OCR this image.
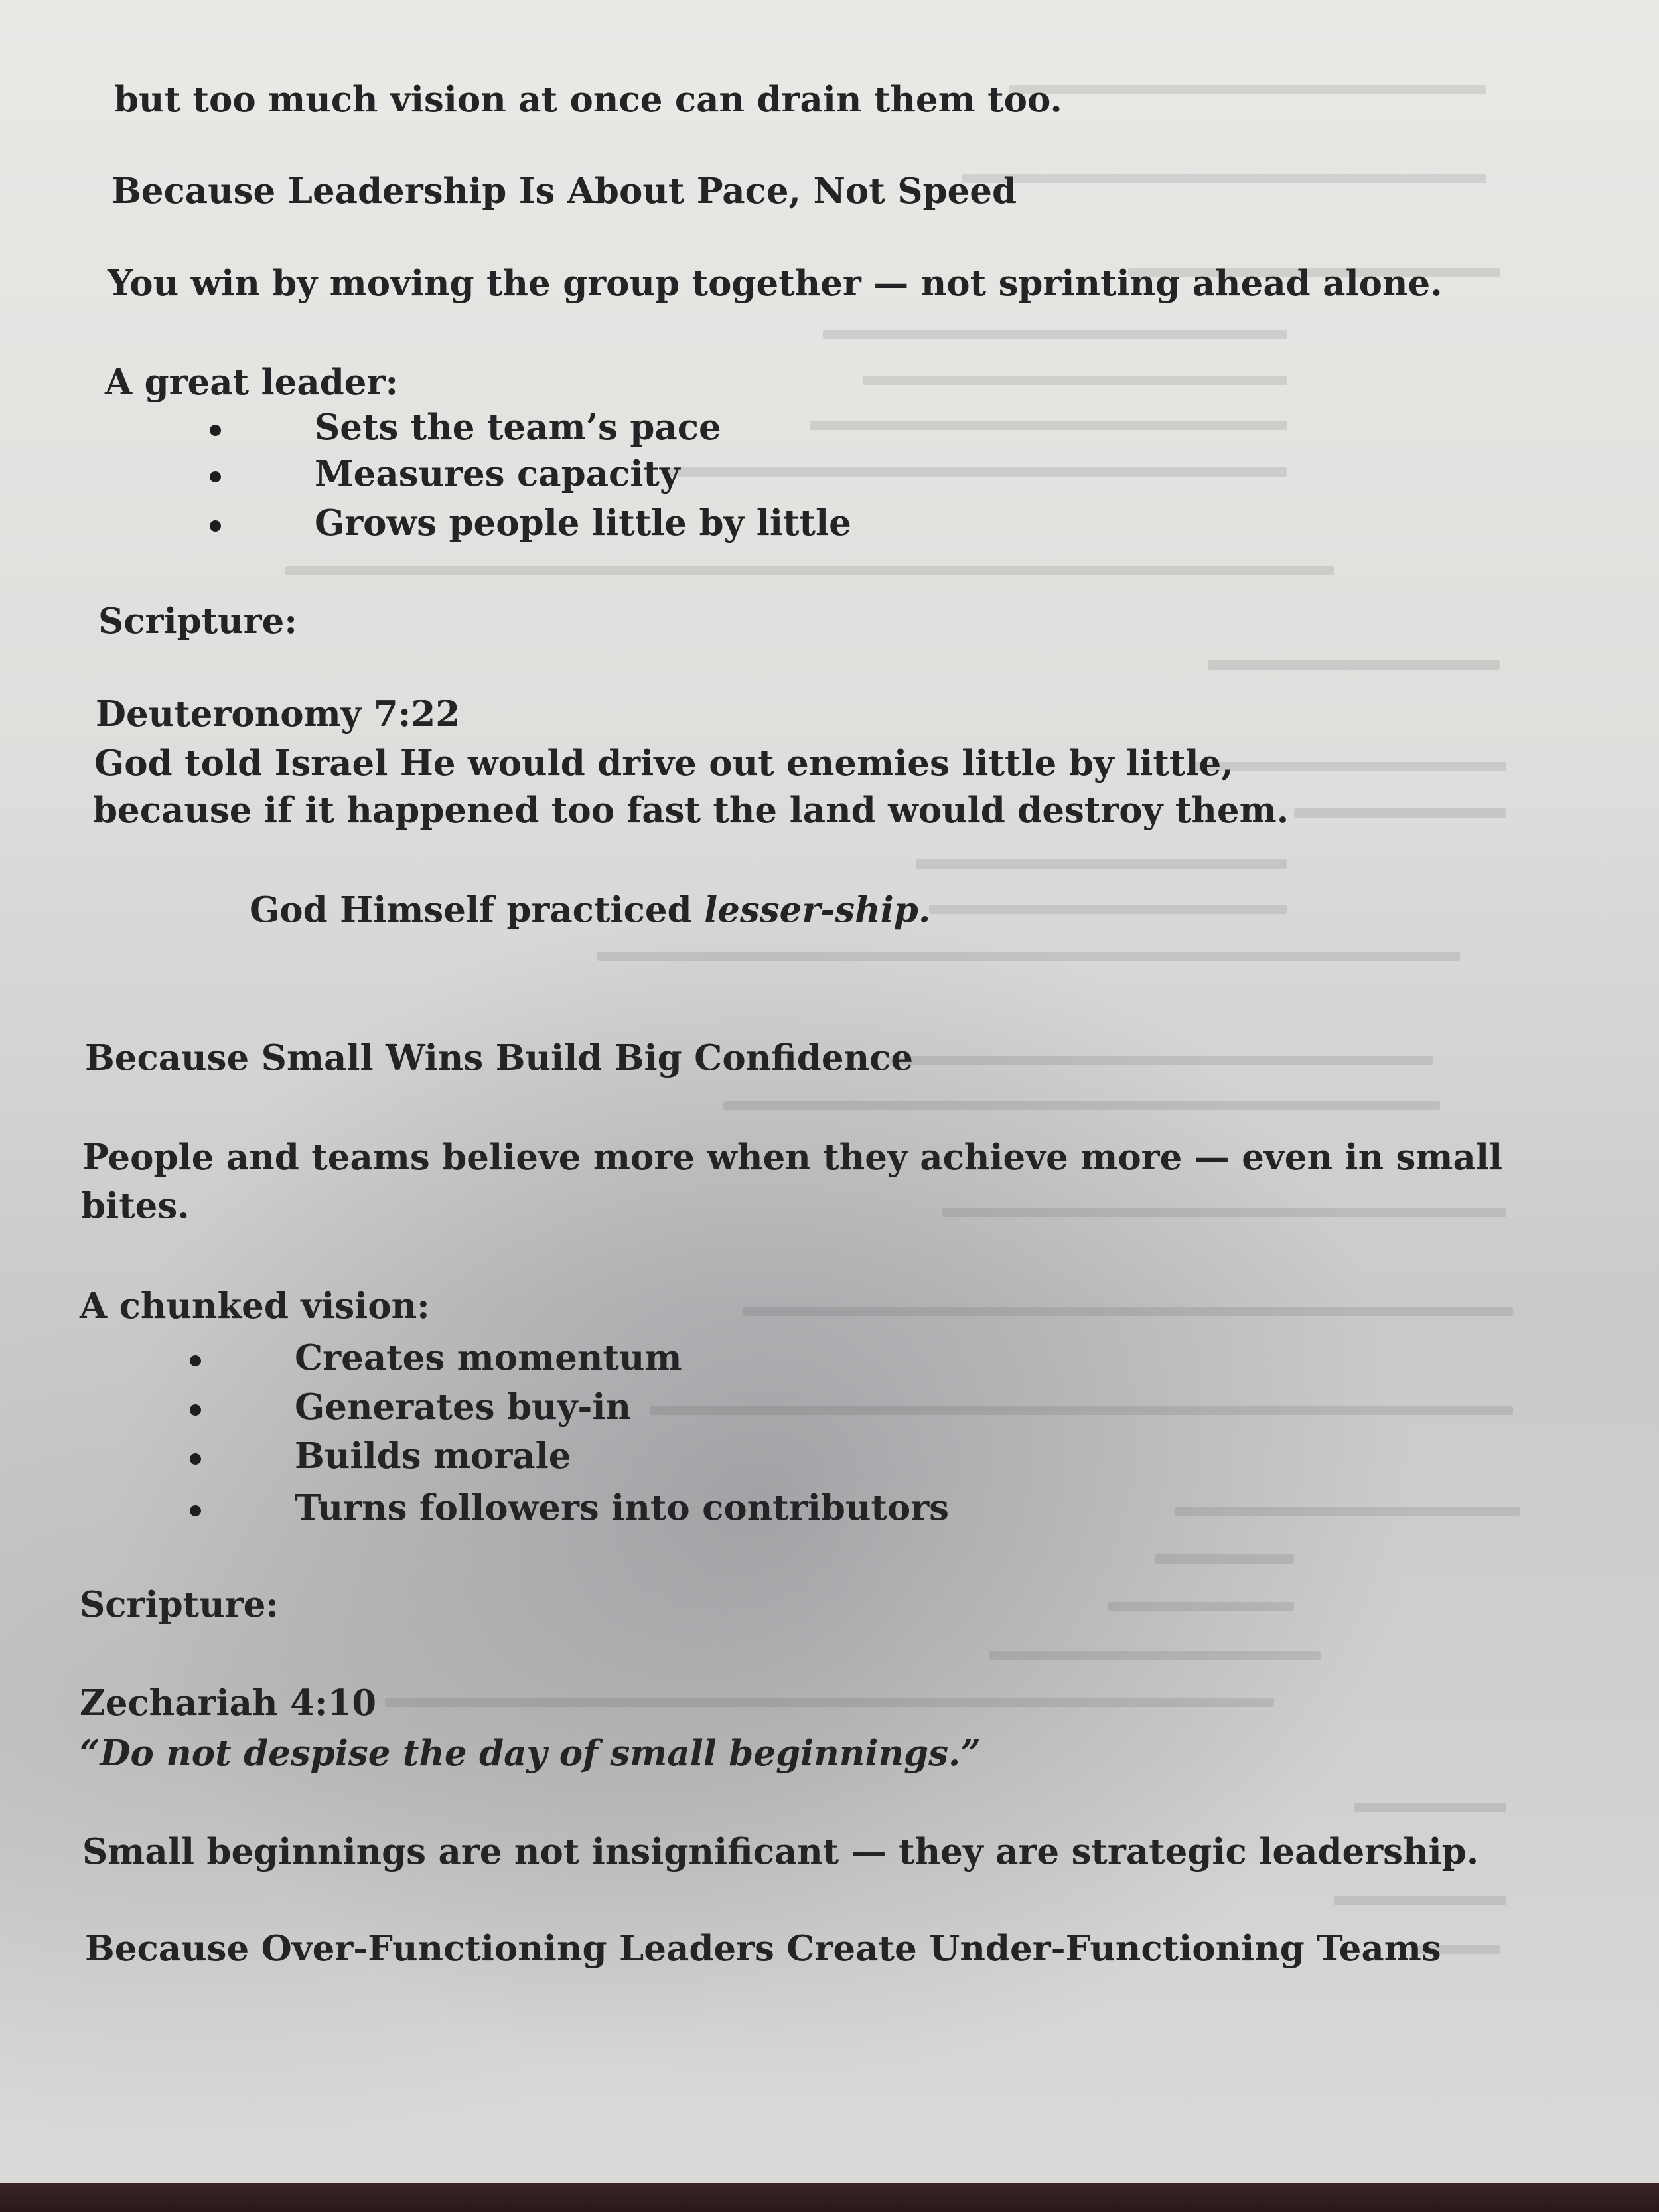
but too much vision at once can drain them too.
Because Leadership Is About Pace, Not Speed
You win by moving the group together — not sprinting ahead alone.
A great leader:
Sets the team’s pace
Measures capacity
Grows people little by little
Scripture:
Deuteronomy 7:22
God told Israel He would drive out enemies little by little,
because if it happened too fast the land would destroy them.
God Himself practiced lesser-ship.
Because Small Wins Build Big Confidence
People and teams believe more when they achieve more — even in small
bites.
A chunked vision:
Creates momentum
Generates buy-in
Builds morale
Turns followers into contributors
Scripture:
Zechariah 4:10
“Do not despise the day of small beginnings.”
Small beginnings are not insignificant — they are strategic leadership.
Because Over-Functioning Leaders Create Under-Functioning Teams
